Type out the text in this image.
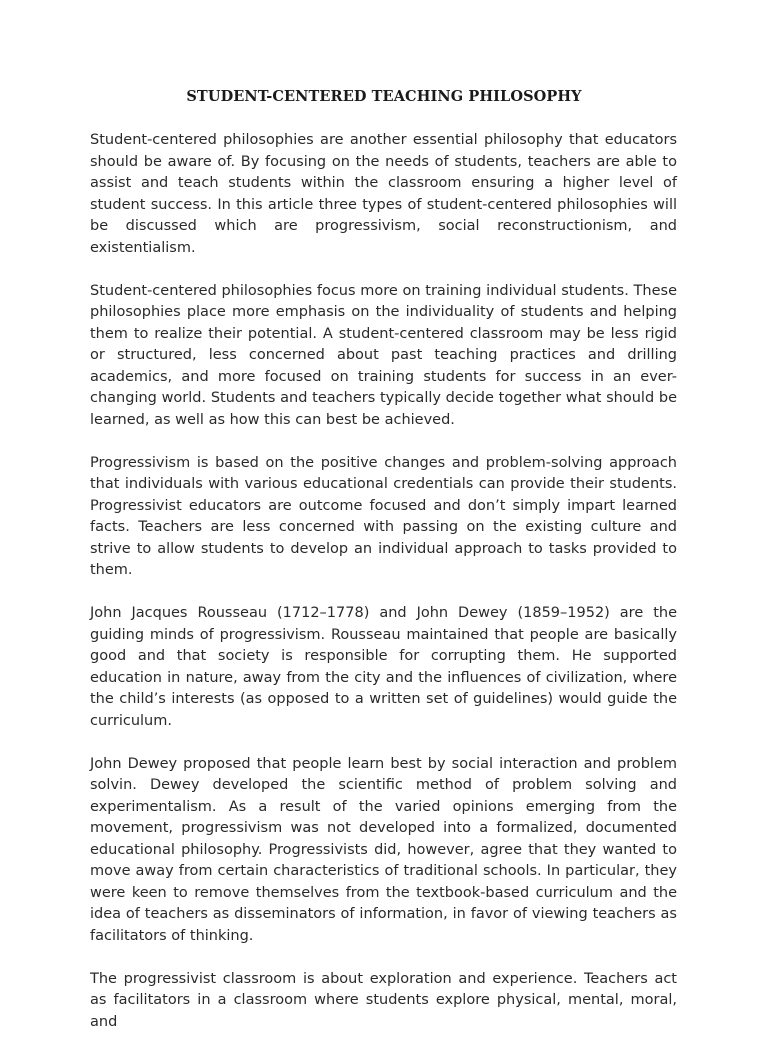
STUDENT-CENTERED TEACHING PHILOSOPHY

Student-centered philosophies are another essential philosophy that educators should be aware of. By focusing on the needs of students, teachers are able to assist and teach students within the classroom ensuring a higher level of student success. In this article three types of student-centered philosophies will be discussed which are progressivism, social reconstructionism, and existentialism.

Student-centered philosophies focus more on training individual students. These philosophies place more emphasis on the individuality of students and helping them to realize their potential. A student-centered classroom may be less rigid or structured, less concerned about past teaching practices and drilling academics, and more focused on training students for success in an ever-changing world. Students and teachers typically decide together what should be learned, as well as how this can best be achieved.

Progressivism is based on the positive changes and problem-solving approach that individuals with various educational credentials can provide their students. Progressivist educators are outcome focused and don’t simply impart learned facts. Teachers are less concerned with passing on the existing culture and strive to allow students to develop an individual approach to tasks provided to them.

John Jacques Rousseau (1712–1778) and John Dewey (1859–1952) are the guiding minds of progressivism. Rousseau maintained that people are basically good and that society is responsible for corrupting them. He supported education in nature, away from the city and the influences of civilization, where the child’s interests (as opposed to a written set of guidelines) would guide the curriculum.

John Dewey proposed that people learn best by social interaction and problem solvin. Dewey developed the scientific method of problem solving and experimentalism. As a result of the varied opinions emerging from the movement, progressivism was not developed into a formalized, documented educational philosophy. Progressivists did, however, agree that they wanted to move away from certain characteristics of traditional schools. In particular, they were keen to remove themselves from the textbook-based curriculum and the idea of teachers as disseminators of information, in favor of viewing teachers as facilitators of thinking.

The progressivist classroom is about exploration and experience. Teachers act as facilitators in a classroom where students explore physical, mental, moral, and
